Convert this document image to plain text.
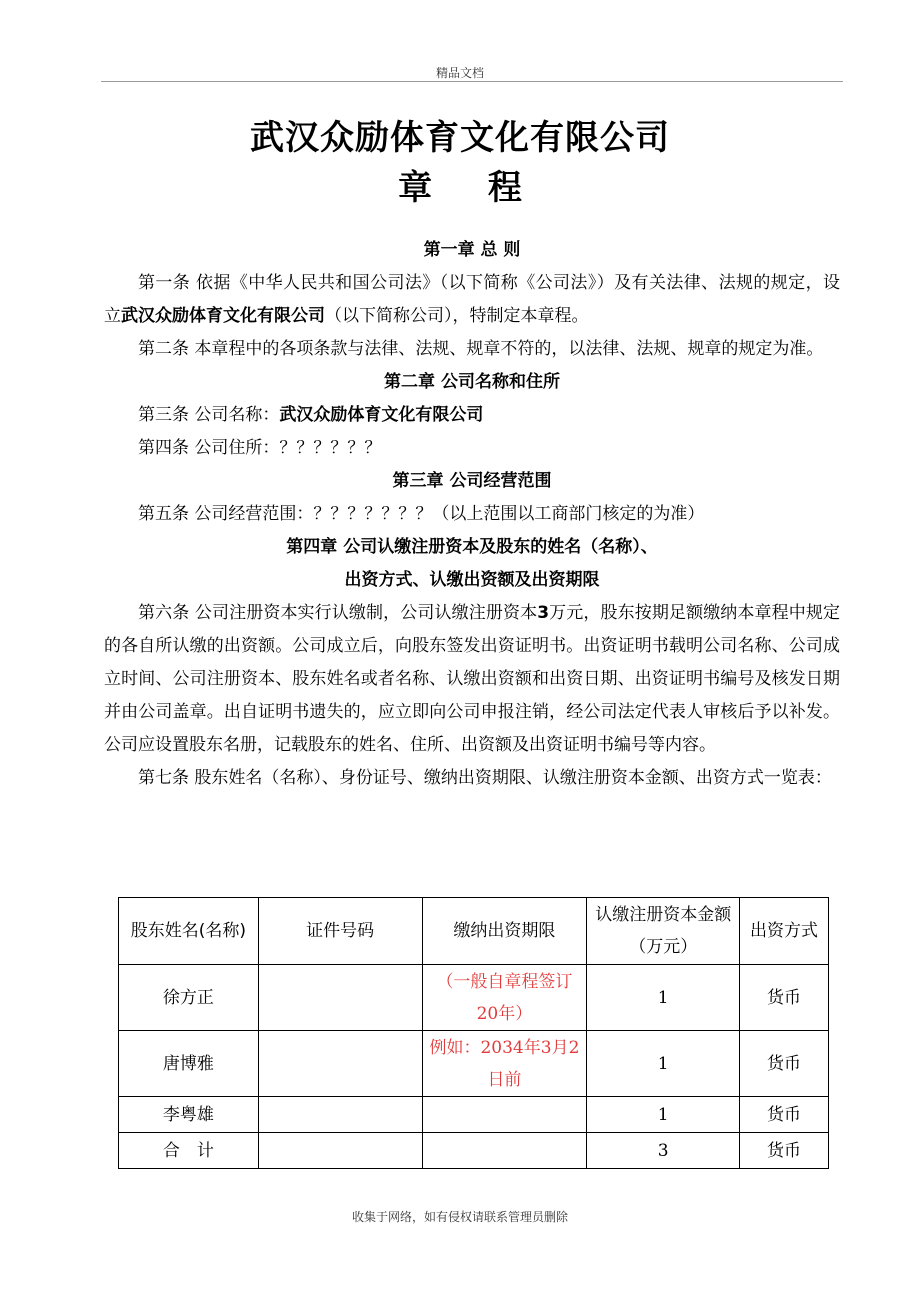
精品文档
武汉众励体育文化有限公司
章 程
第一章 总 则
第一条 依据《中华人民共和国公司法》（以下简称《公司法》）及有关法律、法规的规定，设立武汉众励体育文化有限公司（以下简称公司），特制定本章程。
第二条 本章程中的各项条款与法律、法规、规章不符的，以法律、法规、规章的规定为准。
第二章 公司名称和住所
第三条 公司名称：武汉众励体育文化有限公司
第四条 公司住所：？？？？？？
第三章 公司经营范围
第五条 公司经营范围：？？？？？？？（以上范围以工商部门核定的为准）
第四章 公司认缴注册资本及股东的姓名（名称）、
出资方式、认缴出资额及出资期限
第六条 公司注册资本实行认缴制，公司认缴注册资本3万元，股东按期足额缴纳本章程中规定的各自所认缴的出资额。公司成立后，向股东签发出资证明书。出资证明书载明公司名称、公司成立时间、公司注册资本、股东姓名或者名称、认缴出资额和出资日期、出资证明书编号及核发日期并由公司盖章。出自证明书遗失的，应立即向公司申报注销，经公司法定代表人审核后予以补发。公司应设置股东名册，记载股东的姓名、住所、出资额及出资证明书编号等内容。
第七条 股东姓名（名称）、身份证号、缴纳出资期限、认缴注册资本金额、出资方式一览表：
股东姓名(名称)	证件号码	缴纳出资期限	认缴注册资本金额（万元）	出资方式
徐方正		（一般自章程签订20年）	1	货币
唐博雅		例如：2034年3月2日前	1	货币
李粤雄			1	货币
合　计			3	货币
收集于网络，如有侵权请联系管理员删除
